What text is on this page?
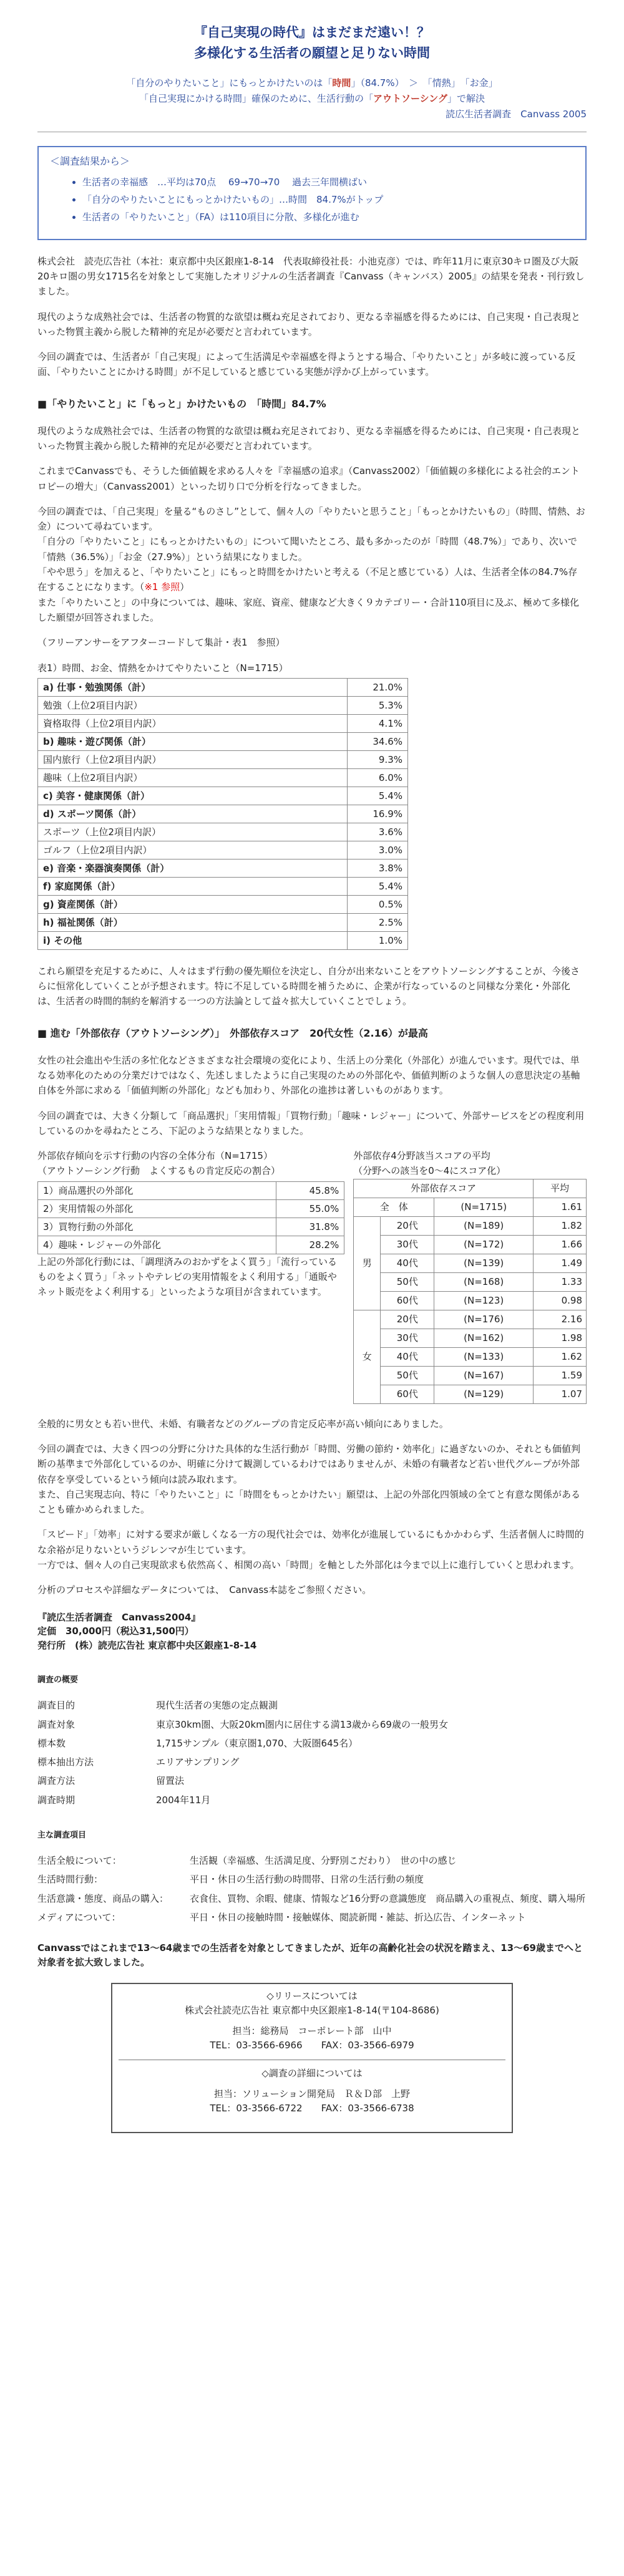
『自己実現の時代』はまだまだ遠い！？
多様化する生活者の願望と足りない時間
「自分のやりたいこと」にもっとかけたいのは「時間」（84.7%）　＞　「情熱」　「お金」
「自己実現にかける時間」確保のために、生活行動の「アウトソーシング」で解決
読広生活者調査　Canvass 2005
＜調査結果から＞
• 生活者の幸福感　…平均は70点　 69→70→70　 過去三年間横ばい
• 「自分のやりたいことにもっとかけたいもの」…時間　84.7%がトップ
• 生活者の「やりたいこと」（FA）は110項目に分散、多様化が進む

株式会社　読売広告社（本社：東京都中央区銀座1-8-14　代表取締役社長：小池克彦）では、昨年11月に東京30キロ圏及び大阪20キロ圏の男女1715名を対象として実施したオリジナルの生活者調査『Canvass（キャンバス）2005』の結果を発表・刊行致しました。

現代のような成熟社会では、生活者の物質的な欲望は概ね充足されており、更なる幸福感を得るためには、自己実現・自己表現といった物質主義から脱した精神的充足が必要だと言われています。

今回の調査では、生活者が「自己実現」によって生活満足や幸福感を得ようとする場合、「やりたいこと」が多岐に渡っている反面、「やりたいことにかける時間」が不足していると感じている実態が浮かび上がっています。

■「やりたいこと」に「もっと」かけたいもの　「時間」84.7%

現代のような成熟社会では、生活者の物質的な欲望は概ね充足されており、更なる幸福感を得るためには、自己実現・自己表現といった物質主義から脱した精神的充足が必要だと言われています。

これまでCanvassでも、そうした価値観を求める人々を『幸福感の追求』（Canvass2002）「価値観の多様化による社会的エントロピーの増大」（Canvass2001）といった切り口で分析を行なってきました。

今回の調査では、「自己実現」を量る“ものさし”として、個々人の「やりたいと思うこと」「もっとかけたいもの」（時間、情熱、お金）について尋ねています。
「自分の「やりたいこと」にもっとかけたいもの」について聞いたところ、最も多かったのが「時間（48.7%）」であり、次いで「情熱（36.5%）」「お金（27.9%）」という結果になりました。
「やや思う」を加えると、「やりたいこと」にもっと時間をかけたいと考える（不足と感じている）人は、生活者全体の84.7%存在することになります。（※1 参照）
また「やりたいこと」の中身については、趣味、家庭、資産、健康など大きく９カテゴリー・合計110項目に及ぶ、極めて多様化した願望が回答されました。

（フリーアンサーをアフターコードして集計・表1　参照）

表1）時間、お金、情熱をかけてやりたいこと（N=1715）
a) 仕事・勉強関係（計）	21.0%
勉強（上位2項目内訳）	5.3%
資格取得（上位2項目内訳）	4.1%
b) 趣味・遊び関係（計）	34.6%
国内旅行（上位2項目内訳）	9.3%
趣味（上位2項目内訳）	6.0%
c) 美容・健康関係（計）	5.4%
d) スポーツ関係（計）	16.9%
スポーツ（上位2項目内訳）	3.6%
ゴルフ（上位2項目内訳）	3.0%
e) 音楽・楽器演奏関係（計）	3.8%
f) 家庭関係（計）	5.4%
g) 資産関係（計）	0.5%
h) 福祉関係（計）	2.5%
i) その他	1.0%

これら願望を充足するために、人々はまず行動の優先順位を決定し、自分が出来ないことをアウトソーシングすることが、今後さらに恒常化していくことが予想されます。特に不足している時間を補うために、企業が行なっているのと同様な分業化・外部化は、生活者の時間的制約を解消する一つの方法論として益々拡大していくことでしょう。

■ 進む「外部依存（アウトソーシング）」　外部依存スコア　20代女性（2.16）が最高

女性の社会進出や生活の多忙化などさまざまな社会環境の変化により、生活上の分業化（外部化）が進んでいます。現代では、単なる効率化のための分業だけではなく、先述しましたように自己実現のための外部化や、価値判断のような個人の意思決定の基軸自体を外部に求める「価値判断の外部化」なども加わり、外部化の進捗は著しいものがあります。

今回の調査では、大きく分類して「商品選択」「実用情報」「買物行動」「趣味・レジャー」について、外部サービスをどの程度利用しているのかを尋ねたところ、下記のような結果となりました。

外部依存傾向を示す行動の内容の全体分布（N=1715）
（アウトソーシング行動　よくするもの肯定反応の割合）
1）商品選択の外部化	45.8%
2）実用情報の外部化	55.0%
3）買物行動の外部化	31.8%
4）趣味・レジャーの外部化	28.2%
上記の外部化行動には、「調理済みのおかずをよく買う」「流行っているものをよく買う」「ネットやテレビの実用情報をよく利用する」「通販やネット販売をよく利用する」といったような項目が含まれています。
外部依存4分野該当スコアの平均
（分野への該当を0〜4にスコア化）
外部依存スコア			平均
全　体		(N=1715)	1.61
男	20代	(N=189)	1.82
	30代	(N=172)	1.66
	40代	(N=139)	1.49
	50代	(N=168)	1.33
	60代	(N=123)	0.98
女	20代	(N=176)	2.16
	30代	(N=162)	1.98
	40代	(N=133)	1.62
	50代	(N=167)	1.59
	60代	(N=129)	1.07

全般的に男女とも若い世代、未婚、有職者などのグループの肯定反応率が高い傾向にありました。

今回の調査では、大きく四つの分野に分けた具体的な生活行動が「時間、労働の節約・効率化」に過ぎないのか、それとも価値判断の基準まで外部化しているのか、明確に分けて観測しているわけではありませんが、未婚の有職者など若い世代グループが外部依存を享受しているという傾向は読み取れます。
また、自己実現志向、特に「やりたいこと」に「時間をもっとかけたい」願望は、上記の外部化四領域の全てと有意な関係があることも確かめられました。

「スピード」「効率」に対する要求が厳しくなる一方の現代社会では、効率化が進展しているにもかかわらず、生活者個人に時間的な余裕が足りないというジレンマが生じています。
一方では、個々人の自己実現欲求も依然高く、相関の高い「時間」を軸とした外部化は今まで以上に進行していくと思われます。

分析のプロセスや詳細なデータについては、　Canvass本誌をご参照ください。

『読広生活者調査　Canvass2004』
定価　30,000円（税込31,500円）
発行所　(株）読売広告社 東京都中央区銀座1-8-14
調査の概要
調査目的	現代生活者の実態の定点観測
調査対象	東京30km圏、大阪20km圏内に居住する満13歳から69歳の一般男女
標本数	1,715サンプル（東京圏1,070、大阪圏645名）
標本抽出方法	エリアサンプリング
調査方法	留置法
調査時期	2004年11月
主な調査項目
生活全般について：	生活観（幸福感、生活満足度、分野別こだわり）　世の中の感じ
生活時間行動：	平日・休日の生活行動の時間帯、日常の生活行動の頻度
生活意識・態度、商品の購入：	衣食住、買物、余暇、健康、情報など16分野の意識態度　商品購入の重視点、頻度、購入場所
メディアについて：	平日・休日の接触時間・接触媒体、閲読新聞・雑誌、折込広告、インターネット
Canvassではこれまで13〜64歳までの生活者を対象としてきましたが、近年の高齢化社会の状況を踏まえ、13〜69歳までへと対象者を拡大致しました。
◇リリースについては
株式会社読売広告社 東京都中央区銀座1-8-14(〒104-8686)
担当：総務局　コーポレート部　山中
TEL：03-3566-6966　　FAX：03-3566-6979
◇調査の詳細については
担当：ソリューション開発局　Ｒ＆Ｄ部　上野
TEL：03-3566-6722　　FAX：03-3566-6738
